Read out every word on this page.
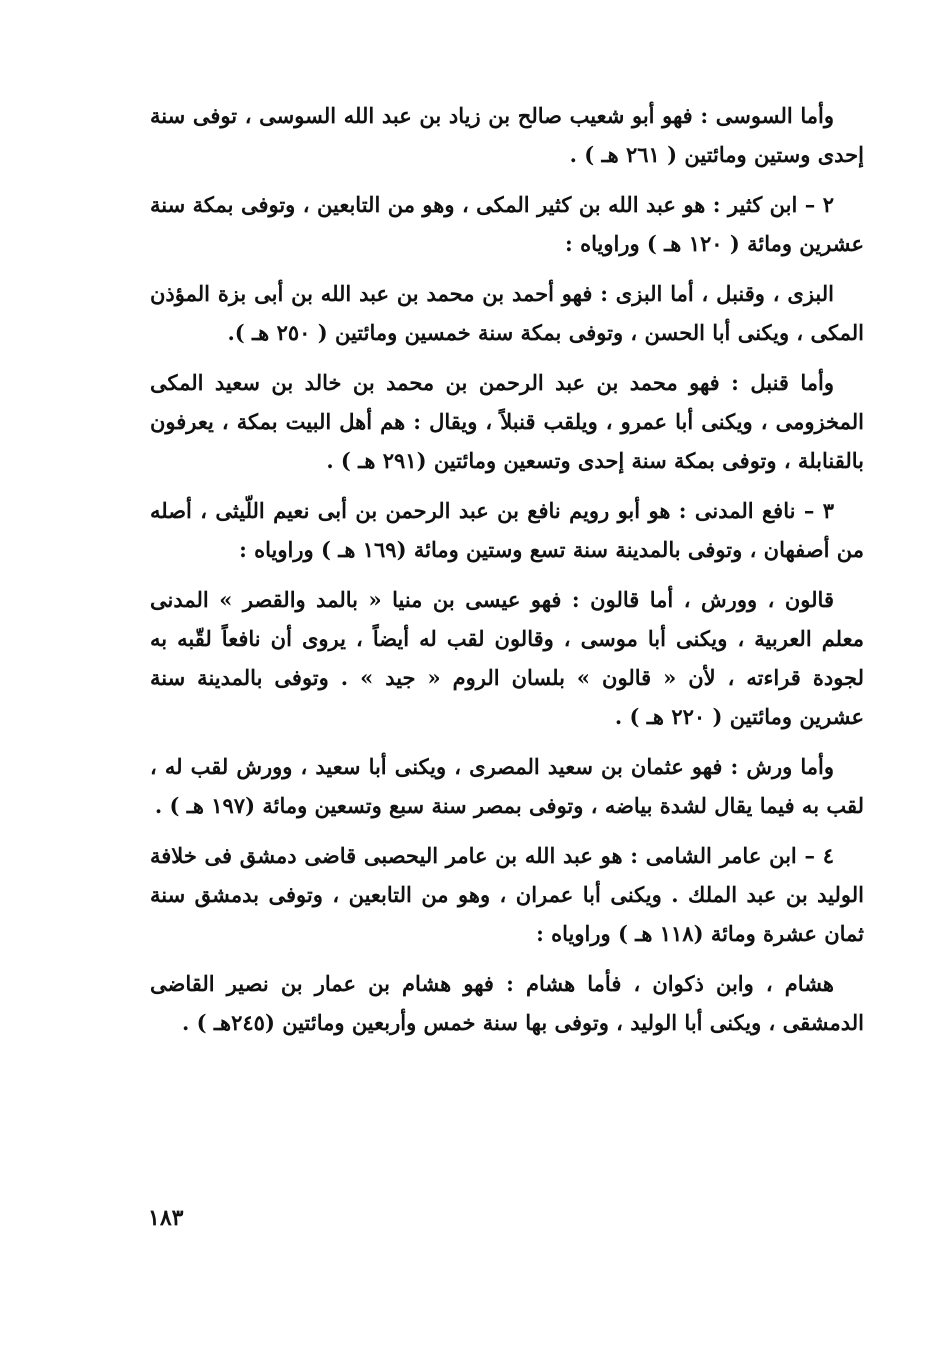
وأما السوسى : فهو أبو شعيب صالح بن زياد بن عبد الله السوسى ، توفى سنة إحدى وستين ومائتين ( ٢٦١ هـ ) .

٢ – ابن كثير : هو عبد الله بن كثير المكى ، وهو من التابعين ، وتوفى بمكة سنة عشرين ومائة ( ١٢٠ هـ ) وراوياه :

البزى ، وقنبل ، أما البزى : فهو أحمد بن محمد بن عبد الله بن أبى بزة المؤذن المكى ، ويكنى أبا الحسن ، وتوفى بمكة سنة خمسين ومائتين ( ٢٥٠ هـ ).

وأما قنبل : فهو محمد بن عبد الرحمن بن محمد بن خالد بن سعيد المكى المخزومى ، ويكنى أبا عمرو ، ويلقب قنبلاً ، ويقال : هم أهل البيت بمكة ، يعرفون بالقنابلة ، وتوفى بمكة سنة إحدى وتسعين ومائتين (٢٩١ هـ ) .

٣ – نافع المدنى : هو أبو رويم نافع بن عبد الرحمن بن أبى نعيم اللّيثى ، أصله من أصفهان ، وتوفى بالمدينة سنة تسع وستين ومائة (١٦٩ هـ ) وراوياه :

قالون ، وورش ، أما قالون : فهو عيسى بن منيا « بالمد والقصر » المدنى معلم العربية ، ويكنى أبا موسى ، وقالون لقب له أيضاً ، يروى أن نافعاً لقّبه به لجودة قراءته ، لأن « قالون » بلسان الروم « جيد » . وتوفى بالمدينة سنة عشرين ومائتين ( ٢٢٠ هـ ) .

وأما ورش : فهو عثمان بن سعيد المصرى ، ويكنى أبا سعيد ، وورش لقب له ، لقب به فيما يقال لشدة بياضه ، وتوفى بمصر سنة سبع وتسعين ومائة (١٩٧ هـ ) .

٤ – ابن عامر الشامى : هو عبد الله بن عامر اليحصبى قاضى دمشق فى خلافة الوليد بن عبد الملك . ويكنى أبا عمران ، وهو من التابعين ، وتوفى بدمشق سنة ثمان عشرة ومائة (١١٨ هـ ) وراوياه :

هشام ، وابن ذكوان ، فأما هشام : فهو هشام بن عمار بن نصير القاضى الدمشقى ، ويكنى أبا الوليد ، وتوفى بها سنة خمس وأربعين ومائتين (٢٤٥هـ ) .

١٨٣
